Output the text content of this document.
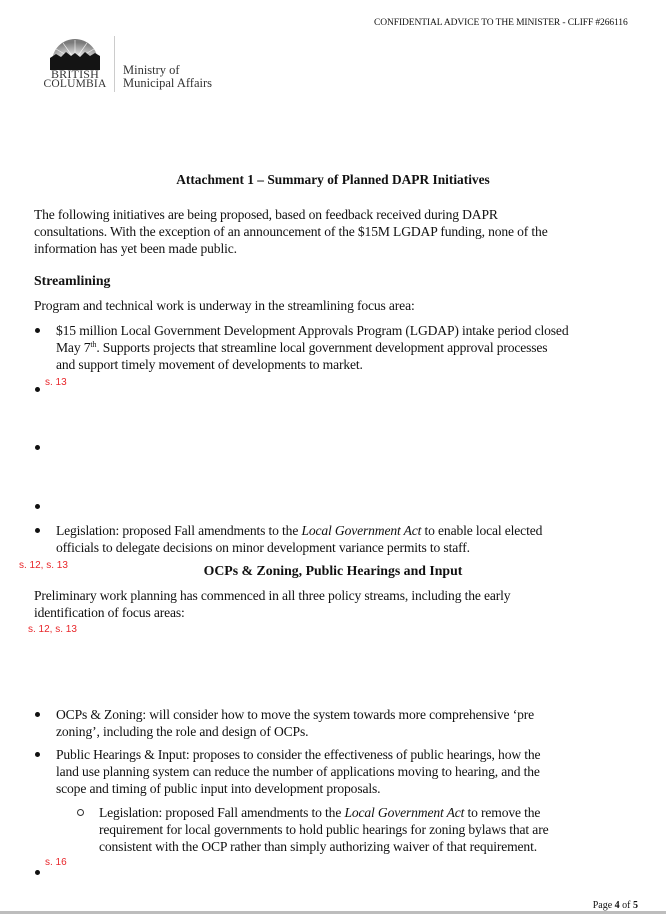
CONFIDENTIAL ADVICE TO THE MINISTER - CLIFF #266116
BRITISH
COLUMBIA
Ministry of
Municipal Affairs
Attachment 1 – Summary of Planned DAPR Initiatives
The following initiatives are being proposed, based on feedback received during DAPR
consultations. With the exception of an announcement of the $15M LGDAP funding, none of the
information has yet been made public.
Streamlining
Program and technical work is underway in the streamlining focus area:
$15 million Local Government Development Approvals Program (LGDAP) intake period closed
May 7th. Supports projects that streamline local government development approval processes
and support timely movement of developments to market.
s. 13
Legislation: proposed Fall amendments to the Local Government Act to enable local elected
officials to delegate decisions on minor development variance permits to staff.
s. 12, s. 13	OCPs & Zoning, Public Hearings and Input
Preliminary work planning has commenced in all three policy streams, including the early
identification of focus areas:
s. 12, s. 13
OCPs & Zoning: will consider how to move the system towards more comprehensive ‘pre
zoning’, including the role and design of OCPs.
Public Hearings & Input: proposes to consider the effectiveness of public hearings, how the
land use planning system can reduce the number of applications moving to hearing, and the
scope and timing of public input into development proposals.
Legislation: proposed Fall amendments to the Local Government Act to remove the
requirement for local governments to hold public hearings for zoning bylaws that are
consistent with the OCP rather than simply authorizing waiver of that requirement.
s. 16
Page 4 of 5
